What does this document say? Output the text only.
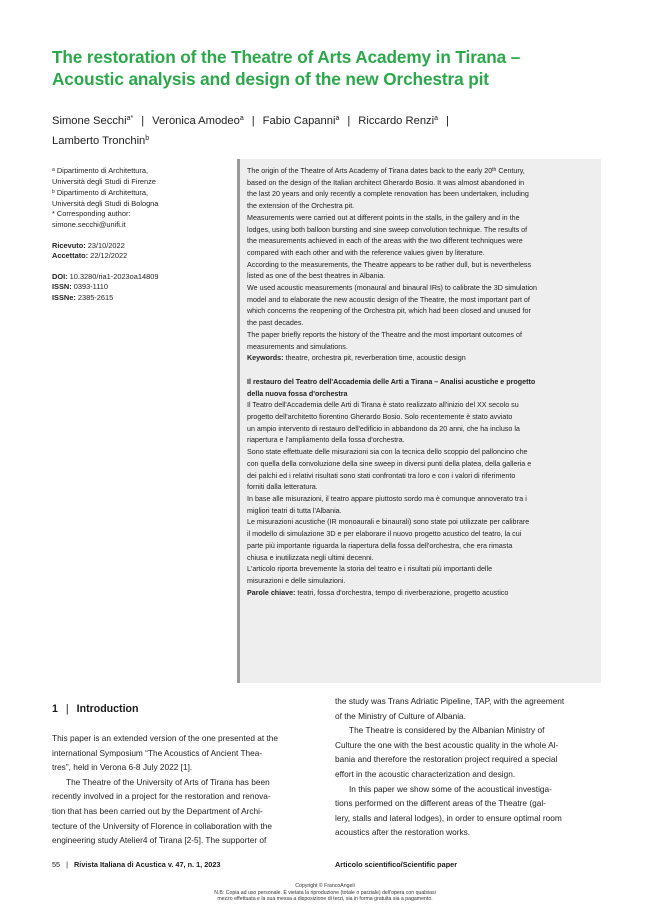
The restoration of the Theatre of Arts Academy in Tirana –
Acoustic analysis and design of the new Orchestra pit
Simone Secchi$^{a*}$ | Veronica Amodeo$^a$ | Fabio Capanni$^a$ | Riccardo Renzi$^a$ |
Lamberto Tronchin$^b$
$^a$ Dipartimento di Architettura,
Università degli Studi di Firenze
$^b$ Dipartimento di Architettura,
Università degli Studi di Bologna
* Corresponding author:
simone.secchi@unifi.it
Ricevuto: 23/10/2022
Accettato: 22/12/2022
DOI: 10.3280/ria1-2023oa14809
ISSN: 0393-1110
ISSNe: 2385-2615

The origin of the Theatre of Arts Academy of Tirana dates back to the early 20th Century,
based on the design of the Italian architect Gherardo Bosio. It was almost abandoned in
the last 20 years and only recently a complete renovation has been undertaken, including
the extension of the Orchestra pit.
Measurements were carried out at different points in the stalls, in the gallery and in the
lodges, using both balloon bursting and sine sweep convolution technique. The results of
the measurements achieved in each of the areas with the two different techniques were
compared with each other and with the reference values given by literature.
According to the measurements, the Theatre appears to be rather dull, but is nevertheless
listed as one of the best theatres in Albania.
We used acoustic measurements (monaural and binaural IRs) to calibrate the 3D simulation
model and to elaborate the new acoustic design of the Theatre, the most important part of
which concerns the reopening of the Orchestra pit, which had been closed and unused for
the past decades.
The paper briefly reports the history of the Theatre and the most important outcomes of
measurements and simulations.
Keywords: theatre, orchestra pit, reverberation time, acoustic design

Il restauro del Teatro dell'Accademia delle Arti a Tirana – Analisi acustiche e progetto
della nuova fossa d'orchestra

Il Teatro dell'Accademia delle Arti di Tirana è stato realizzato all'inizio del XX secolo su
progetto dell'architetto fiorentino Gherardo Bosio. Solo recentemente è stato avviato
un ampio intervento di restauro dell'edificio in abbandono da 20 anni, che ha incluso la
riapertura e l'ampliamento della fossa d'orchestra.
Sono state effettuate delle misurazioni sia con la tecnica dello scoppio del palloncino che
con quella della convoluzione della sine sweep in diversi punti della platea, della galleria e
dei palchi ed i relativi risultati sono stati confrontati tra loro e con i valori di riferimento
forniti dalla letteratura.
In base alle misurazioni, il teatro appare piuttosto sordo ma è comunque annoverato tra i
migliori teatri di tutta l'Albania.
Le misurazioni acustiche (IR monoaurali e binaurali) sono state poi utilizzate per calibrare
il modello di simulazione 3D e per elaborare il nuovo progetto acustico del teatro, la cui
parte più importante riguarda la riapertura della fossa dell'orchestra, che era rimasta
chiusa e inutilizzata negli ultimi decenni.
L'articolo riporta brevemente la storia del teatro e i risultati più importanti delle
misurazioni e delle simulazioni.
Parole chiave: teatri, fossa d'orchestra, tempo di riverberazione, progetto acustico

1 | Introduction
This paper is an extended version of the one presented at the
international Symposium “The Acoustics of Ancient Thea-
tres”, held in Verona 6-8 July 2022 [1].
The Theatre of the University of Arts of Tirana has been
recently involved in a project for the restoration and renova-
tion that has been carried out by the Department of Archi-
tecture of the University of Florence in collaboration with the
engineering study Atelier4 of Tirana [2-5]. The supporter of
the study was Trans Adriatic Pipeline, TAP, with the agreement
of the Ministry of Culture of Albania.
The Theatre is considered by the Albanian Ministry of
Culture the one with the best acoustic quality in the whole Al-
bania and therefore the restoration project required a special
effort in the acoustic characterization and design.
In this paper we show some of the acoustical investiga-
tions performed on the different areas of the Theatre (gal-
lery, stalls and lateral lodges), in order to ensure optimal room
acoustics after the restoration works.
55 | Rivista Italiana di Acustica v. 47, n. 1, 2023	Articolo scientifico/Scientific paper
Copyright © FrancoAngeli
N.B: Copia ad uso personale. È vietata la riproduzione (totale o parziale) dell'opera con qualsiasi
mezzo effettuata e la sua messa a disposizione di terzi, sia in forma gratuita sia a pagamento.
